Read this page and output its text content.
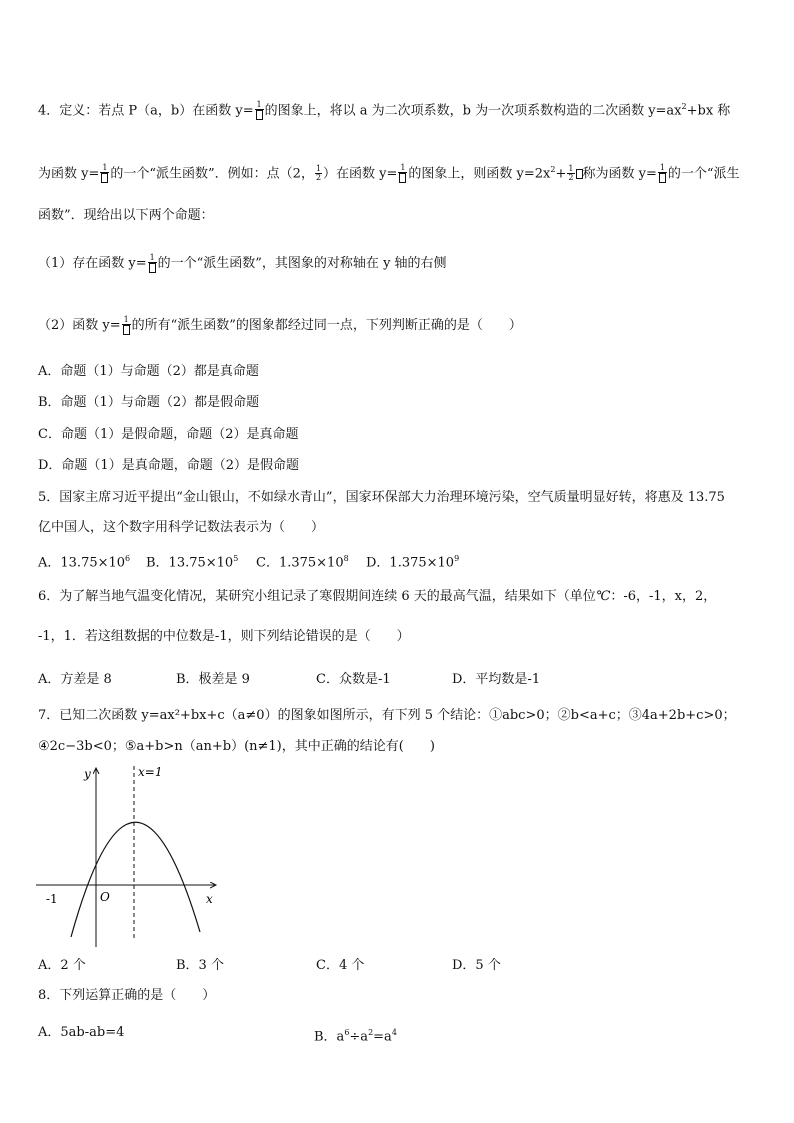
4．定义：若点 P（a，b）在函数 y= 1 的图象上，将以 a 为二次项系数，b 为一次项系数构造的二次函数 $y=ax^2+bx$ 称
为函数 y= 1 的一个“派生函数”．例如：点（2， $\frac{1}{2}$ ）在函数 y= 1 的图象上，则函数 $y=2x^2+ \frac{1}{2}$ 称为函数 y= 1 的一个“派生
函数”．现给出以下两个命题：
（1）存在函数 y= 1 的一个“派生函数”，其图象的对称轴在 y 轴的右侧
（2）函数 y= 1 的所有“派生函数”的图象都经过同一点，下列判断正确的是（　　）
A．命题（1）与命题（2）都是真命题
B．命题（1）与命题（2）都是假命题
C．命题（1）是假命题，命题（2）是真命题
D．命题（1）是真命题，命题（2）是假命题
5．国家主席习近平提出“金山银山，不如绿水青山”，国家环保部大力治理环境污染，空气质量明显好转，将惠及 13.75
亿中国人，这个数字用科学记数法表示为（　　）
A．$13.75\times 10^6$ B．$13.75\times 10^5$ C．$1.375\times 10^8$ D．$1.375\times 10^9$
6．为了解当地气温变化情况，某研究小组记录了寒假期间连续 6 天的最高气温，结果如下（单位℃：-6，-1，x，2，
-1，1．若这组数据的中位数是-1，则下列结论错误的是（　　）
A．方差是 8	B．极差是 9	C．众数是-1	D．平均数是-1
7．已知二次函数 y=ax²+bx+c（a≠0）的图象如图所示，有下列 5 个结论：①abc>0；②b<a+c；③4a+2b+c>0；
④2c−3b<0；⑤a+b>n（an+b）(n≠1)，其中正确的结论有(　　)
y	x=1
x
O
-1
A．2 个	B．3 个	C．4 个	D．5 个
8．下列运算正确的是（　　）
A．5ab-ab=4	B．$a^6\div a^2=a^4$
